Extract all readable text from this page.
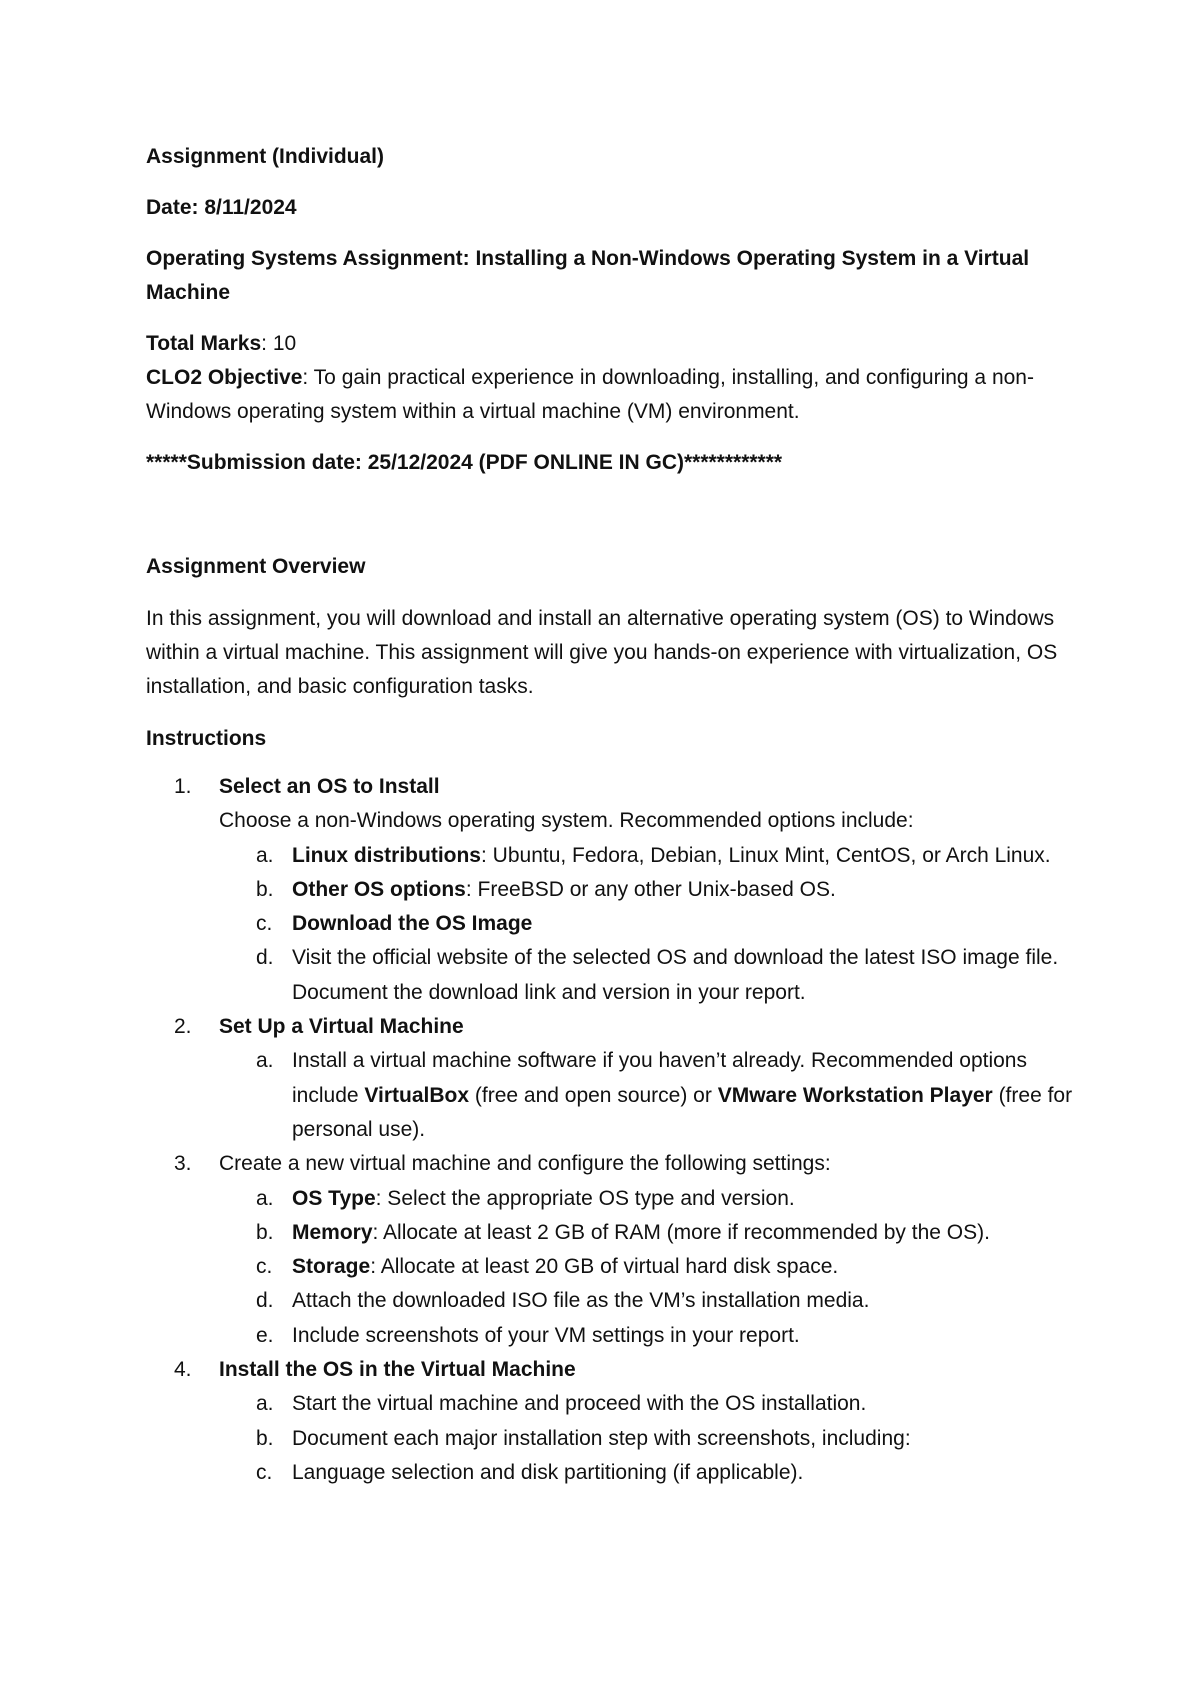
Assignment (Individual)

Date: 8/11/2024

Operating Systems Assignment: Installing a Non-Windows Operating System in a Virtual Machine

Total Marks: 10

CLO2 Objective: To gain practical experience in downloading, installing, and configuring a non-Windows operating system within a virtual machine (VM) environment.

*****Submission date: 25/12/2024 (PDF ONLINE IN GC)************

Assignment Overview

In this assignment, you will download and install an alternative operating system (OS) to Windows within a virtual machine. This assignment will give you hands-on experience with virtualization, OS installation, and basic configuration tasks.

Instructions

1. Select an OS to Install
Choose a non-Windows operating system. Recommended options include:
a. Linux distributions: Ubuntu, Fedora, Debian, Linux Mint, CentOS, or Arch Linux.
b. Other OS options: FreeBSD or any other Unix-based OS.
c. Download the OS Image
d. Visit the official website of the selected OS and download the latest ISO image file. Document the download link and version in your report.
2. Set Up a Virtual Machine
a. Install a virtual machine software if you haven’t already. Recommended options include VirtualBox (free and open source) or VMware Workstation Player (free for personal use).
3. Create a new virtual machine and configure the following settings:
a. OS Type: Select the appropriate OS type and version.
b. Memory: Allocate at least 2 GB of RAM (more if recommended by the OS).
c. Storage: Allocate at least 20 GB of virtual hard disk space.
d. Attach the downloaded ISO file as the VM’s installation media.
e. Include screenshots of your VM settings in your report.
4. Install the OS in the Virtual Machine
a. Start the virtual machine and proceed with the OS installation.
b. Document each major installation step with screenshots, including:
c. Language selection and disk partitioning (if applicable).
